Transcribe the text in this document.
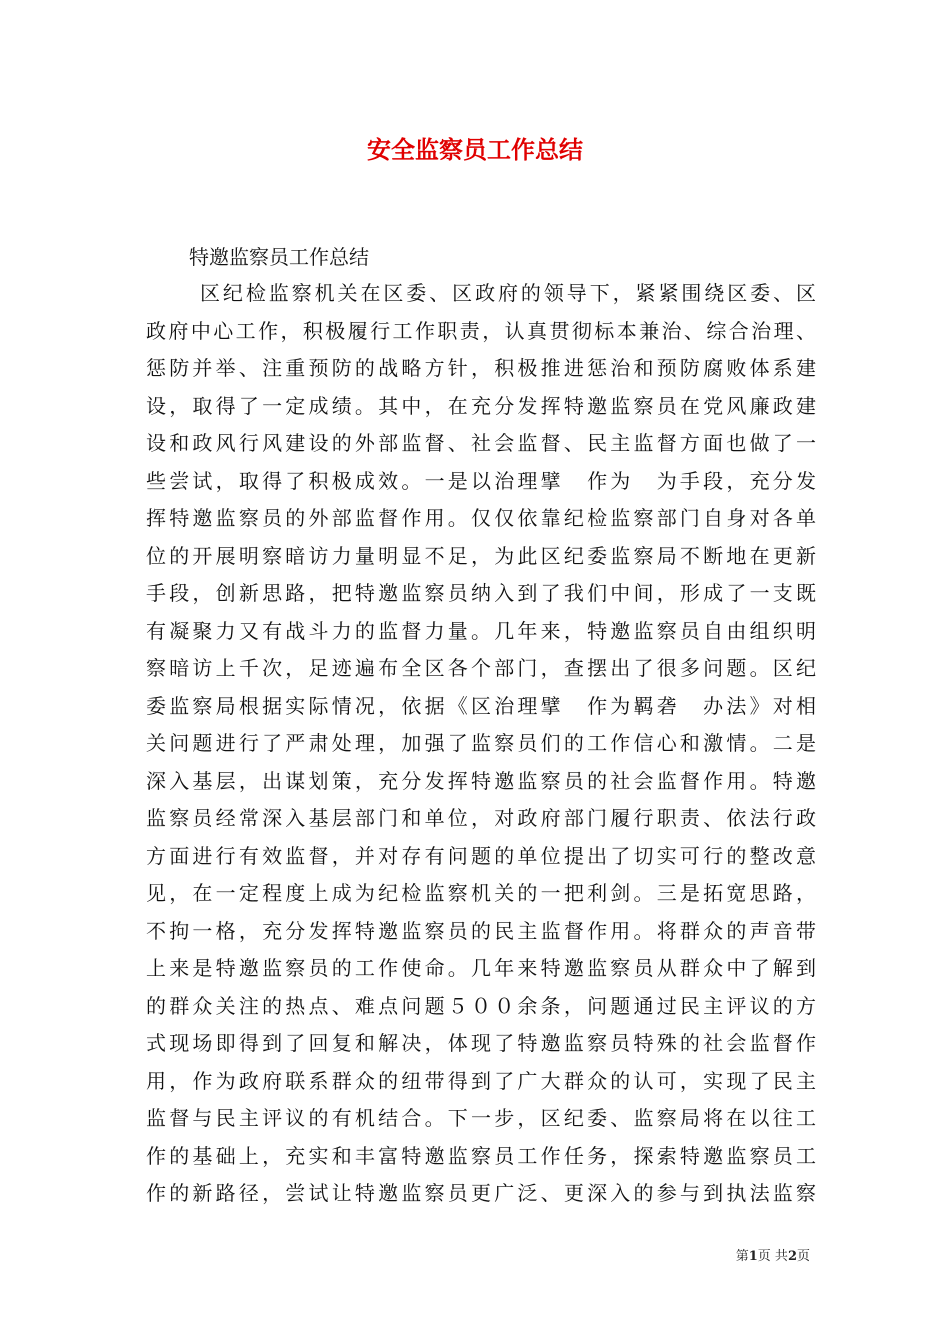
安全监察员工作总结
特邀监察员工作总结
区纪检监察机关在区委、区政府的领导下，紧紧围绕区委、区
政府中心工作，积极履行工作职责，认真贯彻标本兼治、综合治理、
惩防并举、注重预防的战略方针，积极推进惩治和预防腐败体系建
设，取得了一定成绩。其中，在充分发挥特邀监察员在党风廉政建
设和政风行风建设的外部监督、社会监督、民主监督方面也做了一
些尝试，取得了积极成效。一是以治理擘　作为　为手段，充分发
挥特邀监察员的外部监督作用。仅仅依靠纪检监察部门自身对各单
位的开展明察暗访力量明显不足，为此区纪委监察局不断地在更新
手段，创新思路，把特邀监察员纳入到了我们中间，形成了一支既
有凝聚力又有战斗力的监督力量。几年来，特邀监察员自由组织明
察暗访上千次，足迹遍布全区各个部门，查摆出了很多问题。区纪
委监察局根据实际情况，依据《区治理擘　作为羁砻　办法》对相
关问题进行了严肃处理，加强了监察员们的工作信心和激情。二是
深入基层，出谋划策，充分发挥特邀监察员的社会监督作用。特邀
监察员经常深入基层部门和单位，对政府部门履行职责、依法行政
方面进行有效监督，并对存有问题的单位提出了切实可行的整改意
见，在一定程度上成为纪检监察机关的一把利剑。三是拓宽思路，
不拘一格，充分发挥特邀监察员的民主监督作用。将群众的声音带
上来是特邀监察员的工作使命。几年来特邀监察员从群众中了解到
的群众关注的热点、难点问题５００余条，问题通过民主评议的方
式现场即得到了回复和解决，体现了特邀监察员特殊的社会监督作
用，作为政府联系群众的纽带得到了广大群众的认可，实现了民主
监督与民主评议的有机结合。下一步，区纪委、监察局将在以往工
作的基础上，充实和丰富特邀监察员工作任务，探索特邀监察员工
作的新路径，尝试让特邀监察员更广泛、更深入的参与到执法监察
第1页 共2页
